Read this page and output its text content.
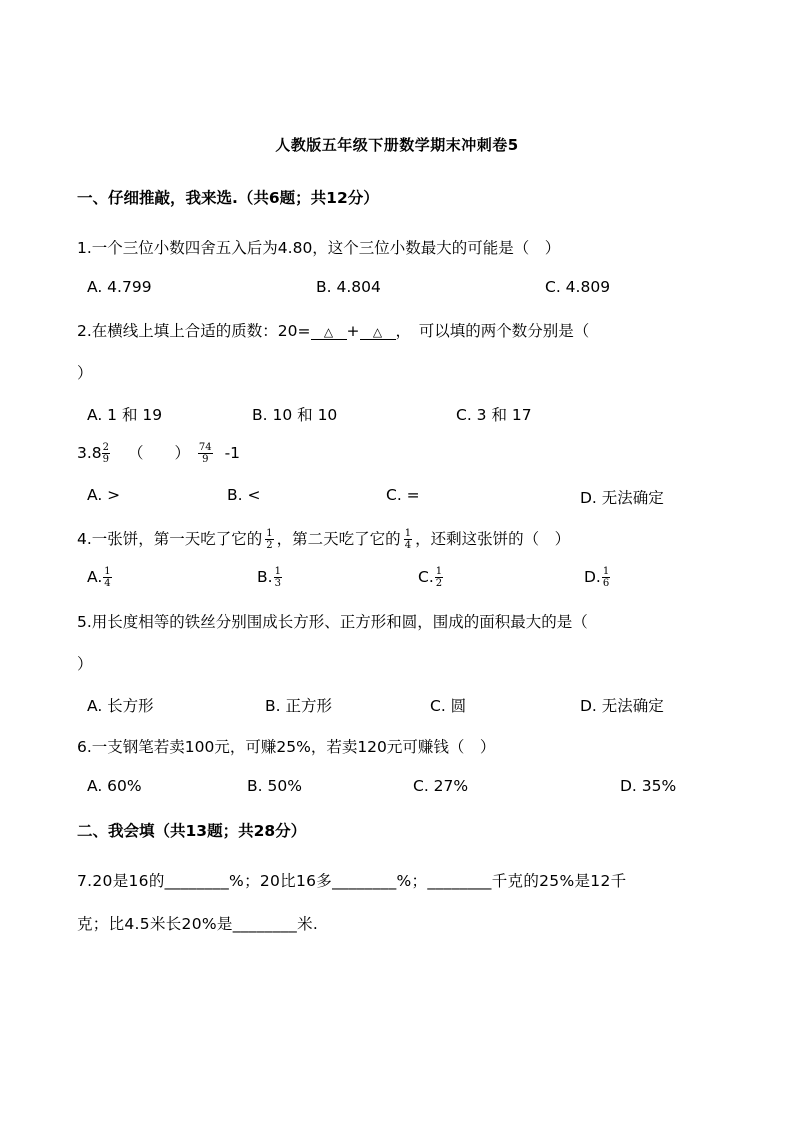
人教版五年级下册数学期末冲刺卷5
一、仔细推敲，我来选.（共6题；共12分）
1.一个三位小数四舍五入后为4.80，这个三位小数最大的可能是（　）
A. 4.799	B. 4.804	C. 4.809
2.在横线上填上合适的质数：20= △ + △ ，　可以填的两个数分别是（
）
A. 1 和 19	B. 10 和 10	C. 3 和 17
$3.8 \frac{2}{9}$ （　　） $\frac{74}{9} -1$
A. >	B. <	C. =	D. 无法确定
4.一张饼，第一天吃了它的 $\frac{1}{2}$ ，第二天吃了它的 $\frac{1}{4}$ ，还剩这张饼的（　）
A. $\frac{1}{4}$	B. $\frac{1}{3}$	C. $\frac{1}{2}$	D. $\frac{1}{6}$
5.用长度相等的铁丝分别围成长方形、正方形和圆，围成的面积最大的是（
）
A. 长方形	B. 正方形	C. 圆	D. 无法确定
6.一支钢笔若卖100元，可赚25%，若卖120元可赚钱（　）
A. 60%	B. 50%	C. 27%	D. 35%
二、我会填（共13题；共28分）
7.20是16的________%；20比16多________%；________千克的25%是12千
克；比4.5米长20%是________米.
